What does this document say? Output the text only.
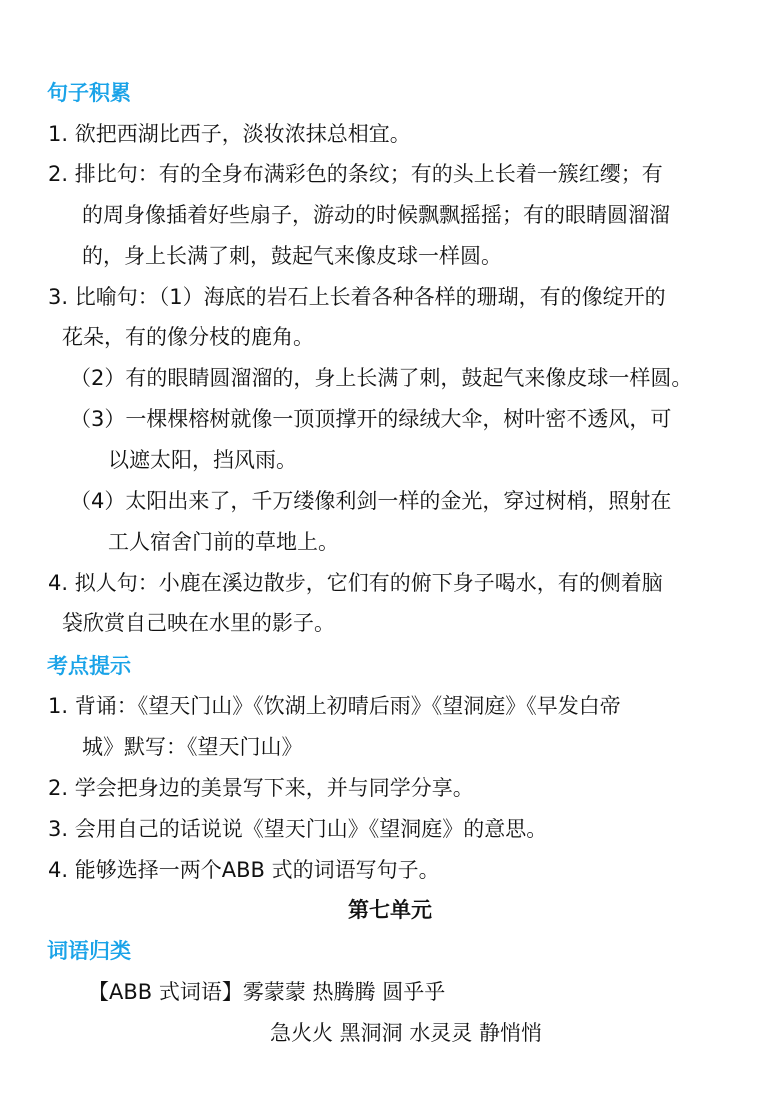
句子积累
1. 欲把西湖比西子，淡妆浓抹总相宜。
2. 排比句：有的全身布满彩色的条纹；有的头上长着一簇红缨；有
的周身像插着好些扇子，游动的时候飘飘摇摇；有的眼睛圆溜溜
的，身上长满了刺，鼓起气来像皮球一样圆。
3. 比喻句：（1）海底的岩石上长着各种各样的珊瑚，有的像绽开的
花朵，有的像分枝的鹿角。
（2）有的眼睛圆溜溜的，身上长满了刺，鼓起气来像皮球一样圆。
（3）一棵棵榕树就像一顶顶撑开的绿绒大伞，树叶密不透风，可
以遮太阳，挡风雨。
（4）太阳出来了，千万缕像利剑一样的金光，穿过树梢，照射在
工人宿舍门前的草地上。
4. 拟人句：小鹿在溪边散步，它们有的俯下身子喝水，有的侧着脑
袋欣赏自己映在水里的影子。
考点提示
1. 背诵：《望天门山》《饮湖上初晴后雨》《望洞庭》《早发白帝
城》默写：《望天门山》
2. 学会把身边的美景写下来，并与同学分享。
3. 会用自己的话说说《望天门山》《望洞庭》的意思。
4. 能够选择一两个ABB 式的词语写句子。
第七单元
词语归类
【ABB 式词语】雾蒙蒙 热腾腾 圆乎乎
急火火 黑洞洞 水灵灵 静悄悄
